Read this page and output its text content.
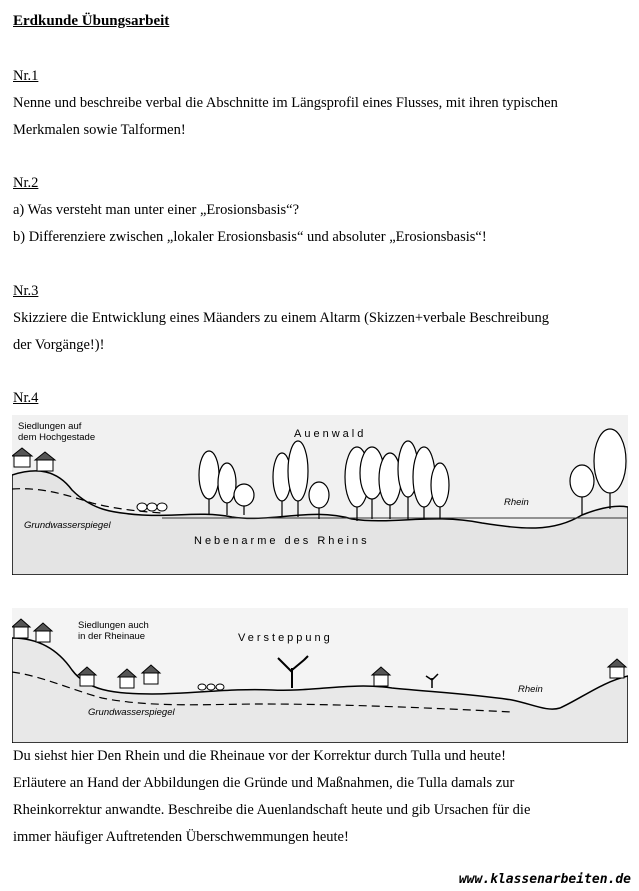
Erdkunde Übungsarbeit
Nr.1
Nenne und beschreibe verbal die Abschnitte im Längsprofil eines Flusses, mit ihren typischen
Merkmalen sowie Talformen!
Nr.2
a) Was versteht man unter einer „Erosionsbasis“?
b) Differenziere zwischen „lokaler Erosionsbasis“ und absoluter „Erosionsbasis“!
Nr.3
Skizziere die Entwicklung eines Mäanders zu einem Altarm (Skizzen+verbale Beschreibung
der Vorgänge!)!
Nr.4
Siedlungen auf
dem Hochgestade	Auenwald
Rhein
Grundwasserspiegel
Nebenarme des Rheins
Siedlungen auch
in der Rheinaue	Versteppung
Rhein
Grundwasserspiegel
Du siehst hier Den Rhein und die Rheinaue vor der Korrektur durch Tulla und heute!
Erläutere an Hand der Abbildungen die Gründe und Maßnahmen, die Tulla damals zur
Rheinkorrektur anwandte. Beschreibe die Auenlandschaft heute und gib Ursachen für die
immer häufiger Auftretenden Überschwemmungen heute!
www.klassenarbeiten.de
